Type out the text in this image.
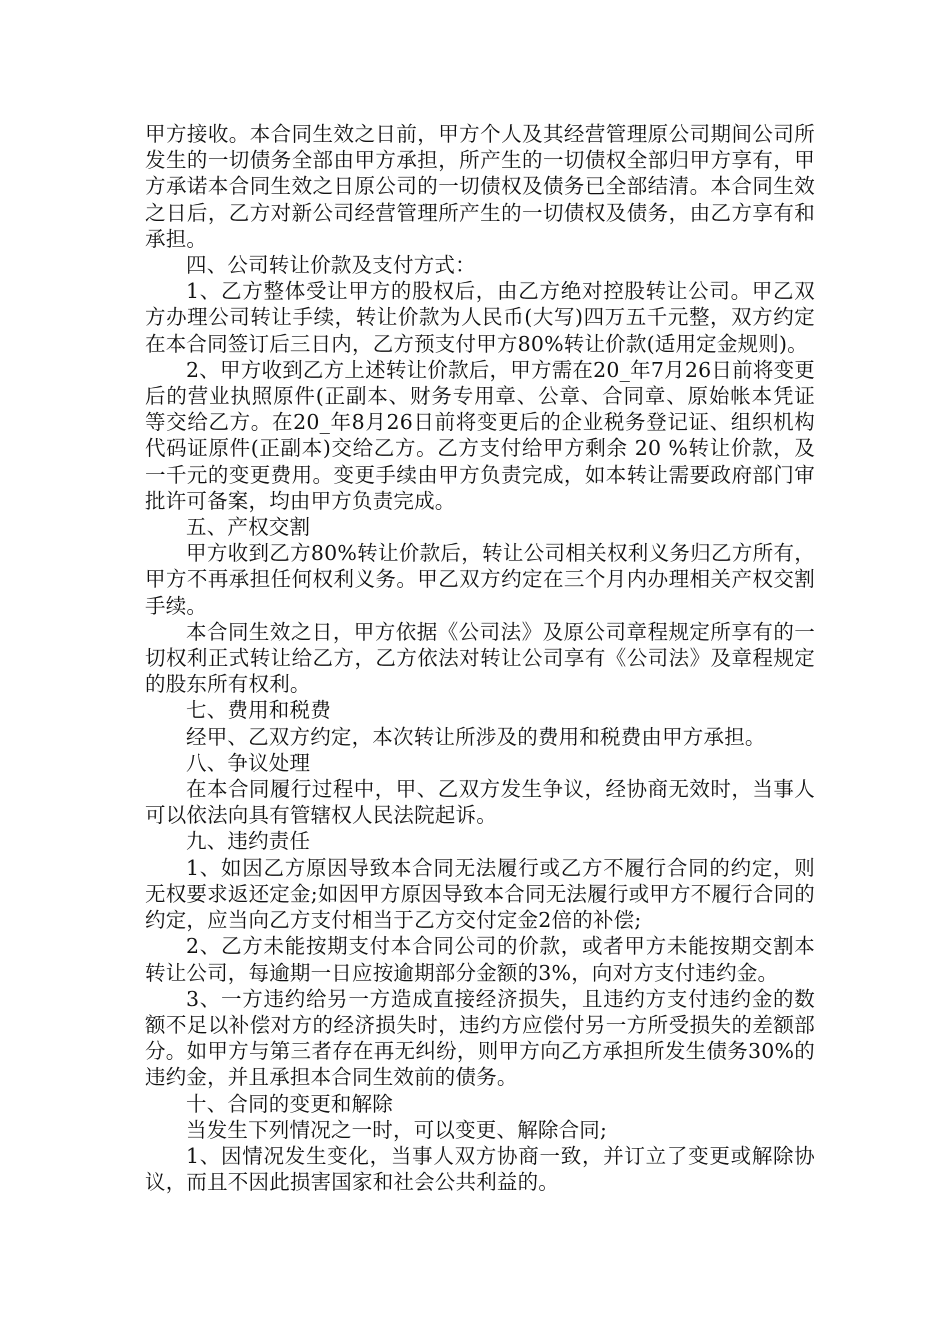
甲方接收。本合同生效之日前，甲方个人及其经营管理原公司期间公司所发生的一切债务全部由甲方承担，所产生的一切债权全部归甲方享有，甲方承诺本合同生效之日原公司的一切债权及债务已全部结清。本合同生效之日后，乙方对新公司经营管理所产生的一切债权及债务，由乙方享有和承担。

四、公司转让价款及支付方式：

1、乙方整体受让甲方的股权后，由乙方绝对控股转让公司。甲乙双方办理公司转让手续，转让价款为人民币(大写)四万五千元整，双方约定在本合同签订后三日内，乙方预支付甲方80%转让价款(适用定金规则)。

2、甲方收到乙方上述转让价款后，甲方需在20_年7月26日前将变更后的营业执照原件(正副本、财务专用章、公章、合同章、原始帐本凭证等交给乙方。在20_年8月26日前将变更后的企业税务登记证、组织机构代码证原件(正副本)交给乙方。乙方支付给甲方剩余 20 %转让价款，及一千元的变更费用。变更手续由甲方负责完成，如本转让需要政府部门审批许可备案，均由甲方负责完成。

五、产权交割

甲方收到乙方80%转让价款后，转让公司相关权利义务归乙方所有，甲方不再承担任何权利义务。甲乙双方约定在三个月内办理相关产权交割手续。

本合同生效之日，甲方依据《公司法》及原公司章程规定所享有的一切权利正式转让给乙方，乙方依法对转让公司享有《公司法》及章程规定的股东所有权利。

七、费用和税费

经甲、乙双方约定，本次转让所涉及的费用和税费由甲方承担。

八、争议处理

在本合同履行过程中，甲、乙双方发生争议，经协商无效时，当事人可以依法向具有管辖权人民法院起诉。

九、违约责任

1、如因乙方原因导致本合同无法履行或乙方不履行合同的约定，则无权要求返还定金;如因甲方原因导致本合同无法履行或甲方不履行合同的约定，应当向乙方支付相当于乙方交付定金2倍的补偿;

2、乙方未能按期支付本合同公司的价款，或者甲方未能按期交割本转让公司，每逾期一日应按逾期部分金额的3%，向对方支付违约金。

3、一方违约给另一方造成直接经济损失，且违约方支付违约金的数额不足以补偿对方的经济损失时，违约方应偿付另一方所受损失的差额部分。如甲方与第三者存在再无纠纷，则甲方向乙方承担所发生债务30%的违约金，并且承担本合同生效前的债务。

十、合同的变更和解除

当发生下列情况之一时，可以变更、解除合同;

1、因情况发生变化，当事人双方协商一致，并订立了变更或解除协议，而且不因此损害国家和社会公共利益的。
